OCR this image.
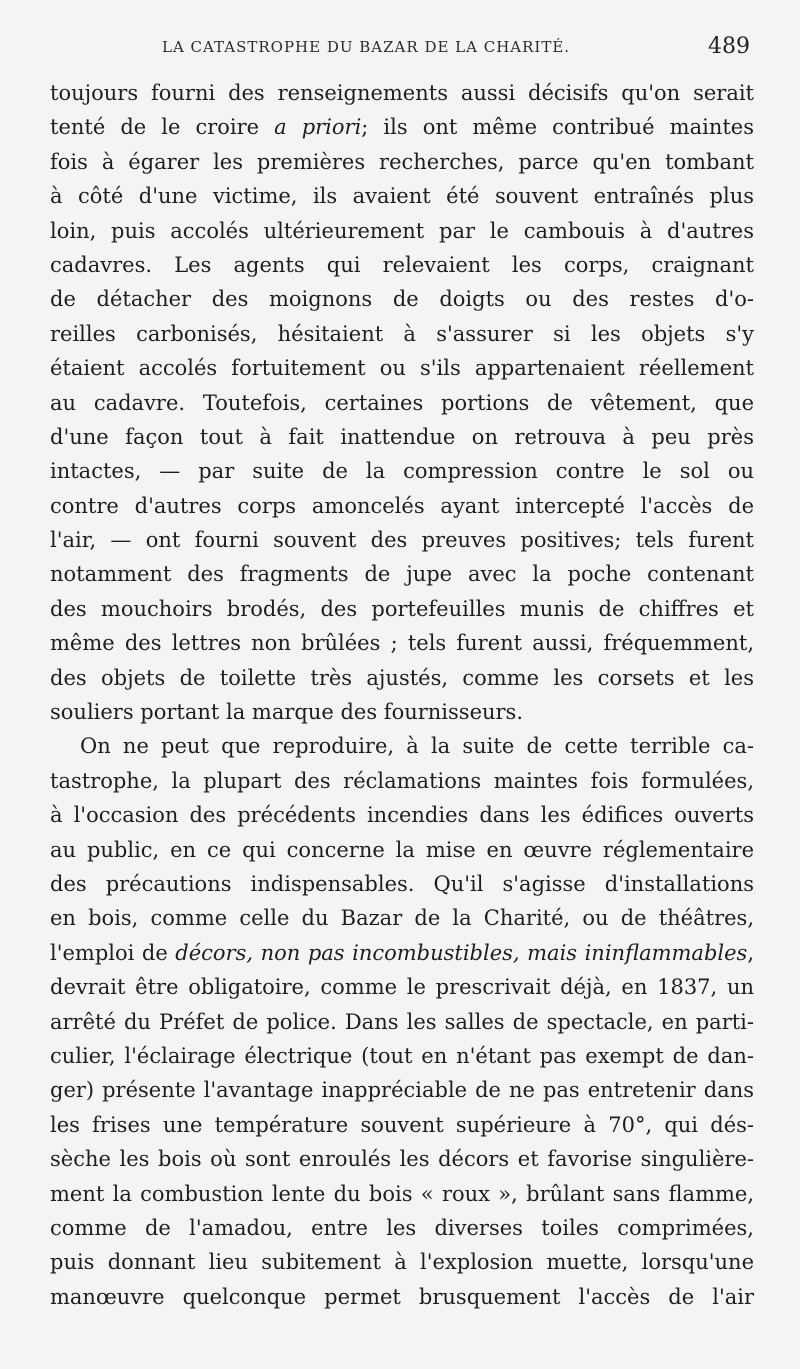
LA CATASTROPHE DU BAZAR DE LA CHARITÉ.	489
toujours fourni des renseignements aussi décisifs qu'on serait
tenté de le croire a priori; ils ont même contribué maintes
fois à égarer les premières recherches, parce qu'en tombant
à côté d'une victime, ils avaient été souvent entraînés plus
loin, puis accolés ultérieurement par le cambouis à d'autres
cadavres. Les agents qui relevaient les corps, craignant
de détacher des moignons de doigts ou des restes d'o-
reilles carbonisés, hésitaient à s'assurer si les objets s'y
étaient accolés fortuitement ou s'ils appartenaient réellement
au cadavre. Toutefois, certaines portions de vêtement, que
d'une façon tout à fait inattendue on retrouva à peu près
intactes, — par suite de la compression contre le sol ou
contre d'autres corps amoncelés ayant intercepté l'accès de
l'air, — ont fourni souvent des preuves positives; tels furent
notamment des fragments de jupe avec la poche contenant
des mouchoirs brodés, des portefeuilles munis de chiffres et
même des lettres non brûlées ; tels furent aussi, fréquemment,
des objets de toilette très ajustés, comme les corsets et les
souliers portant la marque des fournisseurs.
On ne peut que reproduire, à la suite de cette terrible ca-
tastrophe, la plupart des réclamations maintes fois formulées,
à l'occasion des précédents incendies dans les édifices ouverts
au public, en ce qui concerne la mise en œuvre réglementaire
des précautions indispensables. Qu'il s'agisse d'installations
en bois, comme celle du Bazar de la Charité, ou de théâtres,
l'emploi de décors, non pas incombustibles, mais ininflammables,
devrait être obligatoire, comme le prescrivait déjà, en 1837, un
arrêté du Préfet de police. Dans les salles de spectacle, en parti-
culier, l'éclairage électrique (tout en n'étant pas exempt de dan-
ger) présente l'avantage inappréciable de ne pas entretenir dans
les frises une température souvent supérieure à 70°, qui dés-
sèche les bois où sont enroulés les décors et favorise singulière-
ment la combustion lente du bois « roux », brûlant sans flamme,
comme de l'amadou, entre les diverses toiles comprimées,
puis donnant lieu subitement à l'explosion muette, lorsqu'une
manœuvre quelconque permet brusquement l'accès de l'air
